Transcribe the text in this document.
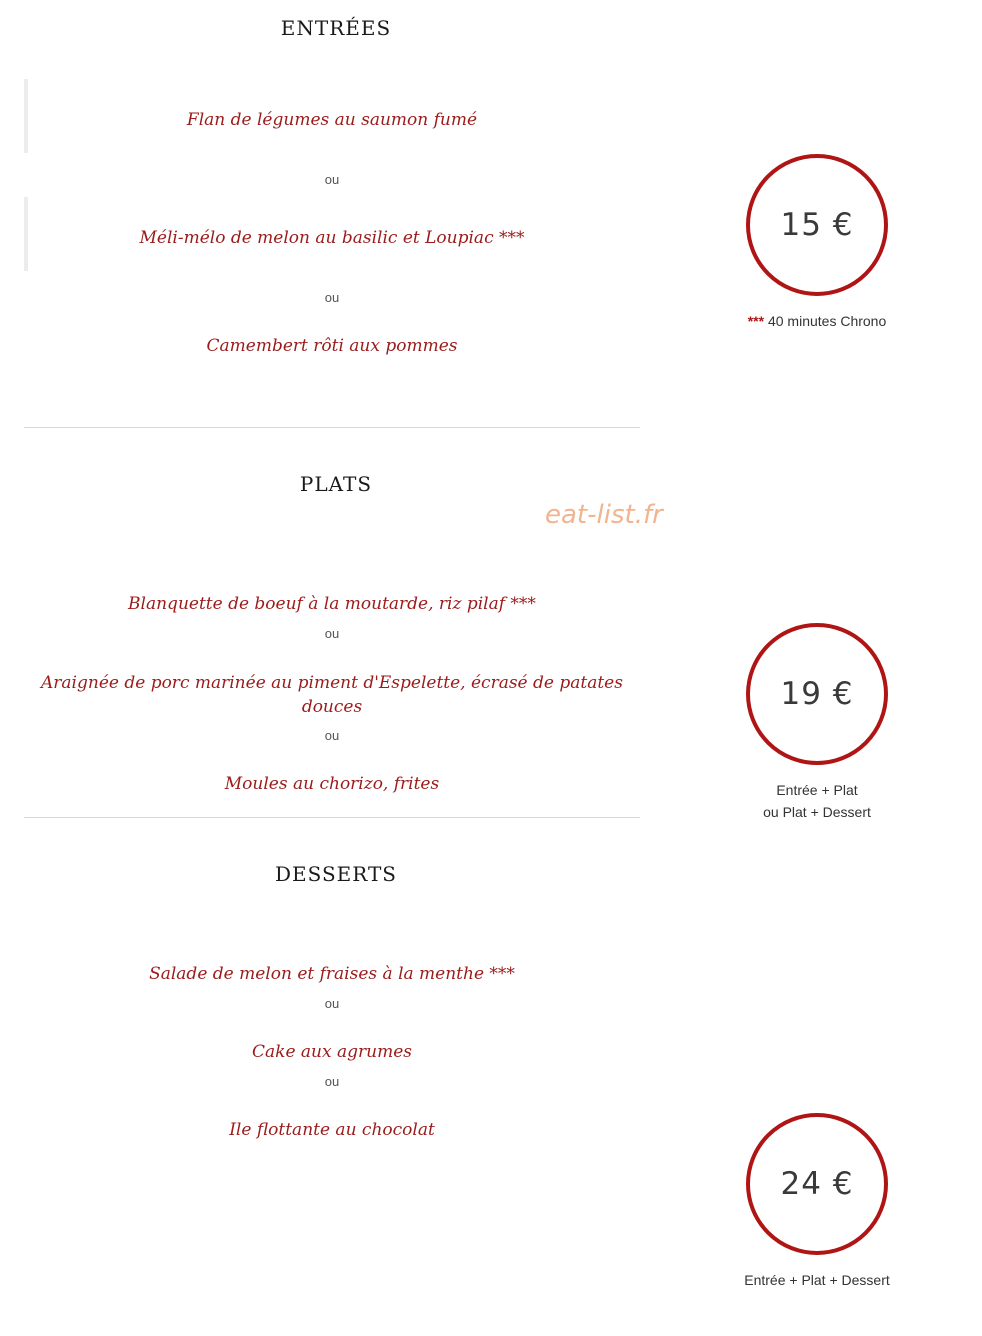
ENTRÉES
Flan de légumes au saumon fumé
ou
Méli-mélo de melon au basilic et Loupiac ***
ou
Camembert rôti aux pommes
PLATS
eat-list.fr
Blanquette de boeuf à la moutarde, riz pilaf ***
ou
Araignée de porc marinée au piment d'Espelette, écrasé de patates douces
ou
Moules au chorizo, frites
DESSERTS
Salade de melon et fraises à la menthe ***
ou
Cake aux agrumes
ou
Ile flottante au chocolat
15 €
*** 40 minutes Chrono
19 €
Entrée + Plat
ou Plat + Dessert
24 €
Entrée + Plat + Dessert
